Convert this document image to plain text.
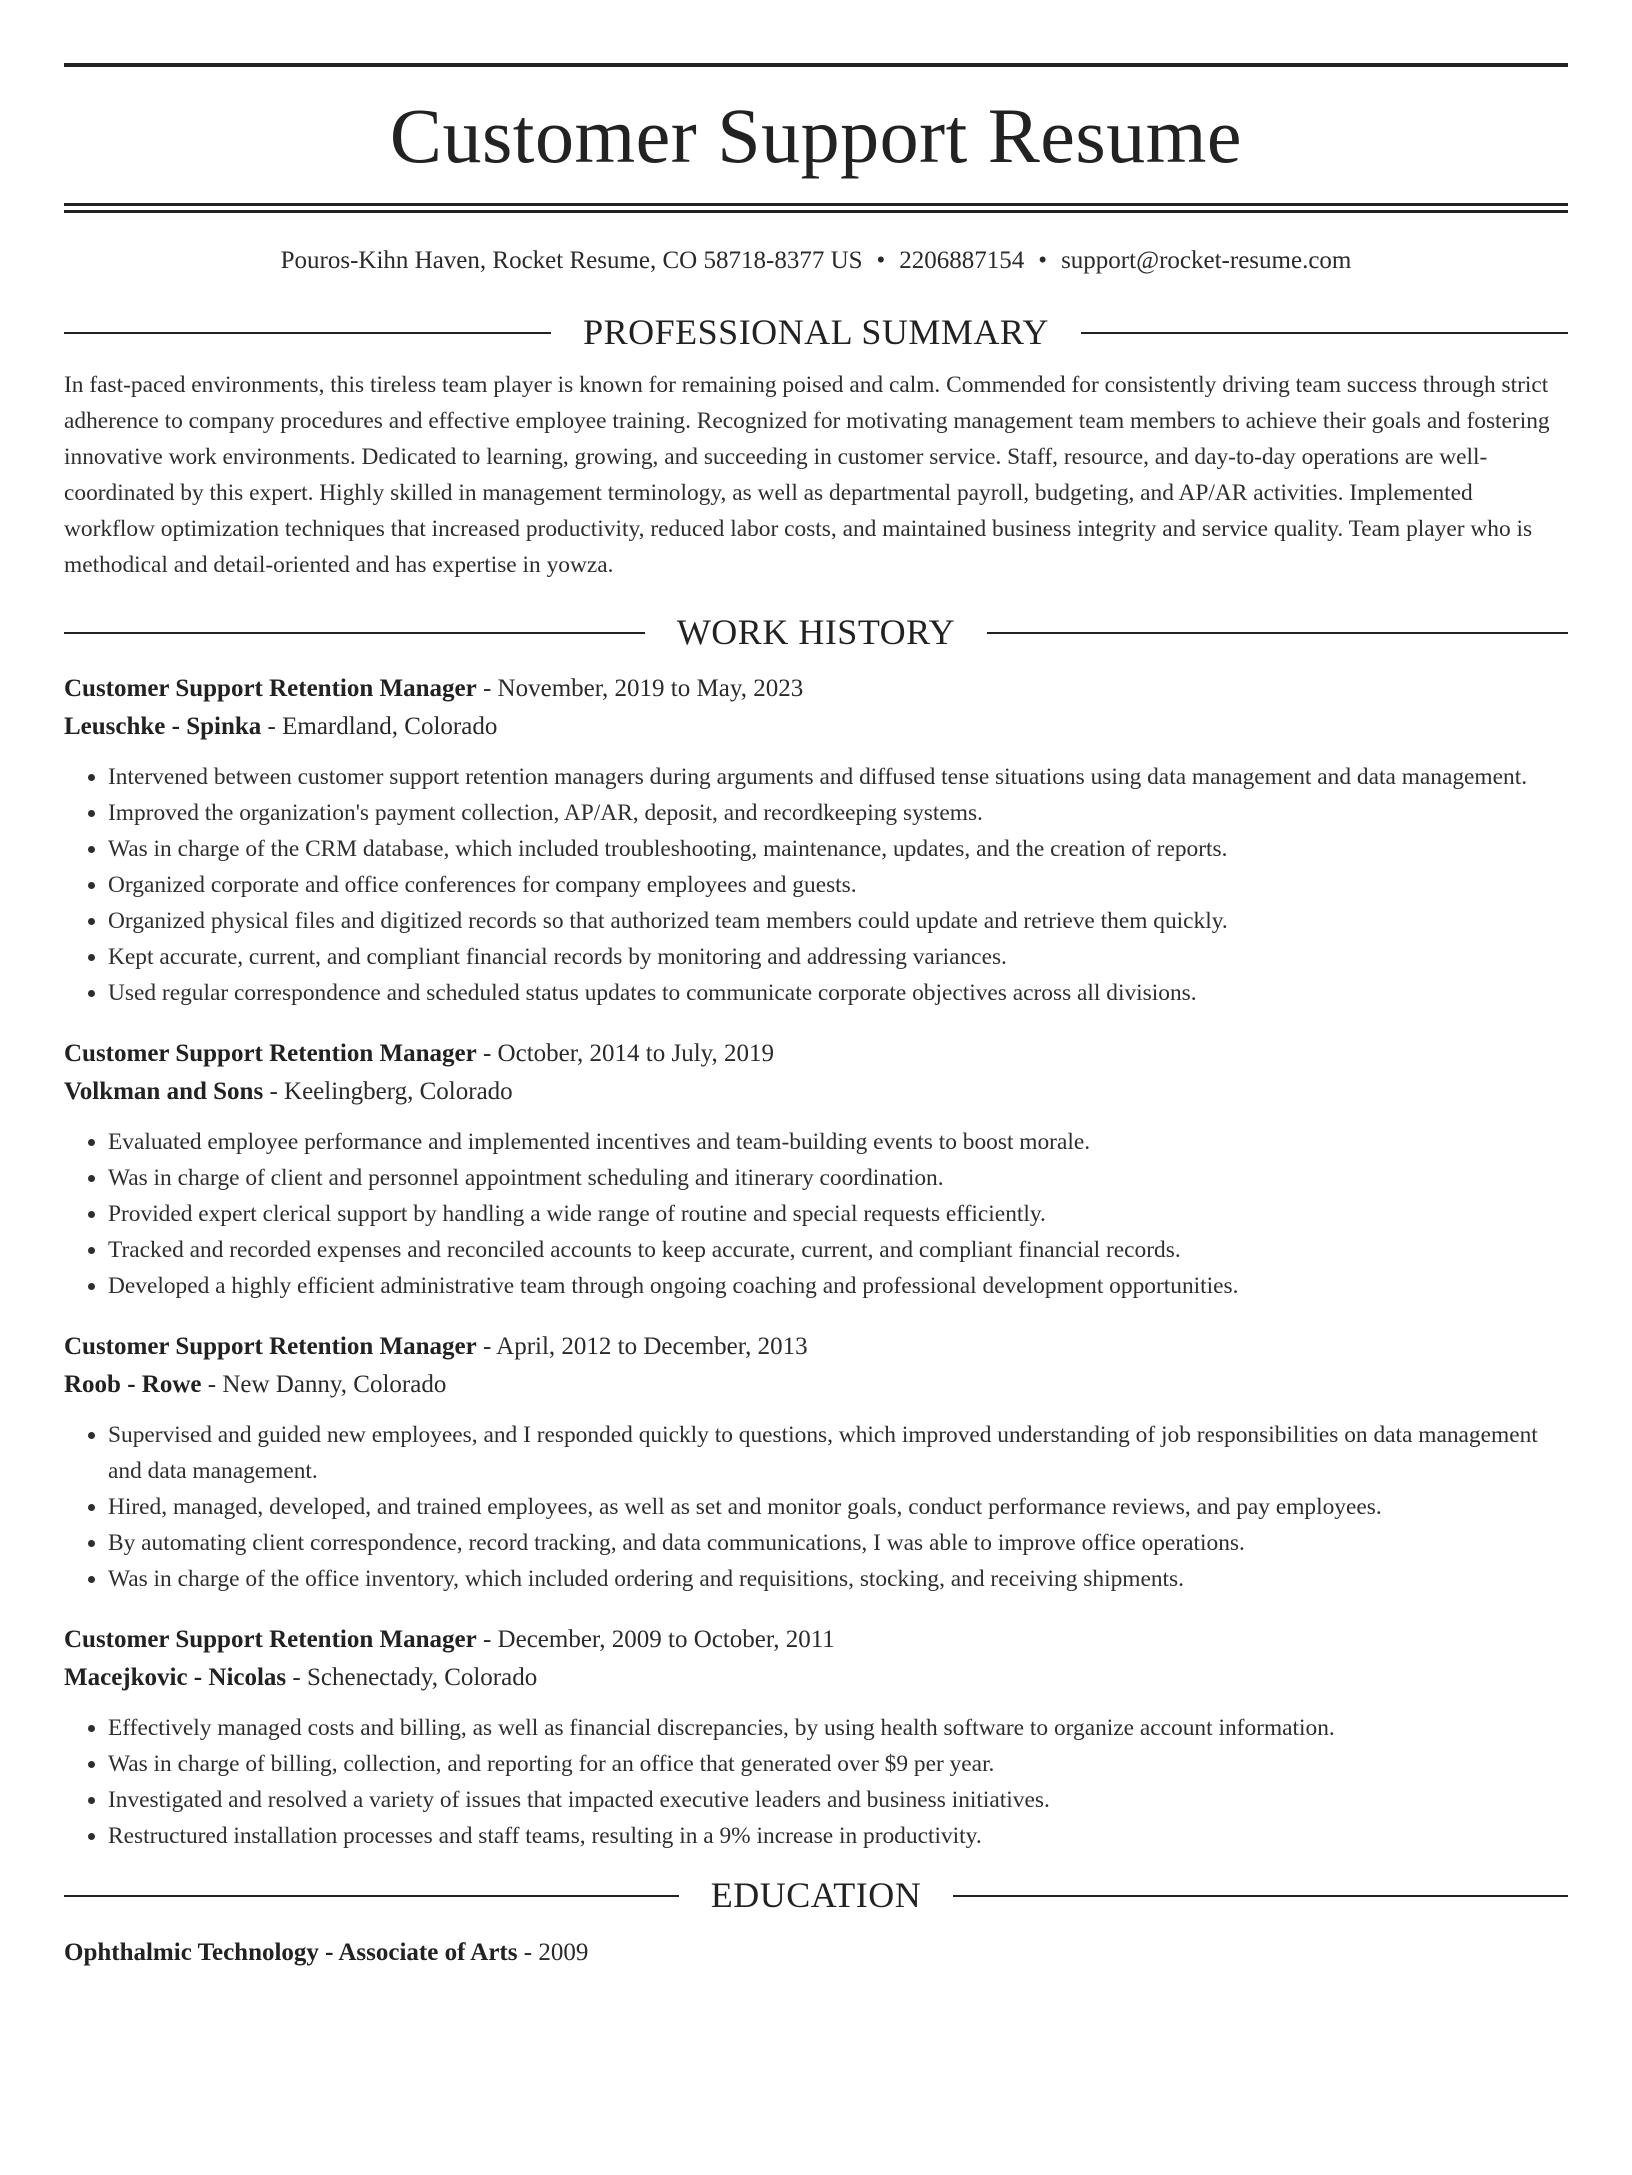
Customer Support Resume
Pouros-Kihn Haven, Rocket Resume, CO 58718-8377 US • 2206887154 • support@rocket-resume.com
PROFESSIONAL SUMMARY

In fast-paced environments, this tireless team player is known for remaining poised and calm. Commended for consistently driving team success through strict adherence to company procedures and effective employee training. Recognized for motivating management team members to achieve their goals and fostering innovative work environments. Dedicated to learning, growing, and succeeding in customer service. Staff, resource, and day-to-day operations are well-coordinated by this expert. Highly skilled in management terminology, as well as departmental payroll, budgeting, and AP/AR activities. Implemented workflow optimization techniques that increased productivity, reduced labor costs, and maintained business integrity and service quality. Team player who is methodical and detail-oriented and has expertise in yowza.

WORK HISTORY
Customer Support Retention Manager - November, 2019 to May, 2023
Leuschke - Spinka - Emardland, Colorado
• Intervened between customer support retention managers during arguments and diffused tense situations using data management and data management.
• Improved the organization's payment collection, AP/AR, deposit, and recordkeeping systems.
• Was in charge of the CRM database, which included troubleshooting, maintenance, updates, and the creation of reports.
• Organized corporate and office conferences for company employees and guests.
• Organized physical files and digitized records so that authorized team members could update and retrieve them quickly.
• Kept accurate, current, and compliant financial records by monitoring and addressing variances.
• Used regular correspondence and scheduled status updates to communicate corporate objectives across all divisions.
Customer Support Retention Manager - October, 2014 to July, 2019
Volkman and Sons - Keelingberg, Colorado
• Evaluated employee performance and implemented incentives and team-building events to boost morale.
• Was in charge of client and personnel appointment scheduling and itinerary coordination.
• Provided expert clerical support by handling a wide range of routine and special requests efficiently.
• Tracked and recorded expenses and reconciled accounts to keep accurate, current, and compliant financial records.
• Developed a highly efficient administrative team through ongoing coaching and professional development opportunities.
Customer Support Retention Manager - April, 2012 to December, 2013
Roob - Rowe - New Danny, Colorado
• Supervised and guided new employees, and I responded quickly to questions, which improved understanding of job responsibilities on data management and data management.
• Hired, managed, developed, and trained employees, as well as set and monitor goals, conduct performance reviews, and pay employees.
• By automating client correspondence, record tracking, and data communications, I was able to improve office operations.
• Was in charge of the office inventory, which included ordering and requisitions, stocking, and receiving shipments.
Customer Support Retention Manager - December, 2009 to October, 2011
Macejkovic - Nicolas - Schenectady, Colorado
• Effectively managed costs and billing, as well as financial discrepancies, by using health software to organize account information.
• Was in charge of billing, collection, and reporting for an office that generated over $9 per year.
• Investigated and resolved a variety of issues that impacted executive leaders and business initiatives.
• Restructured installation processes and staff teams, resulting in a 9% increase in productivity.
EDUCATION
Ophthalmic Technology - Associate of Arts - 2009
